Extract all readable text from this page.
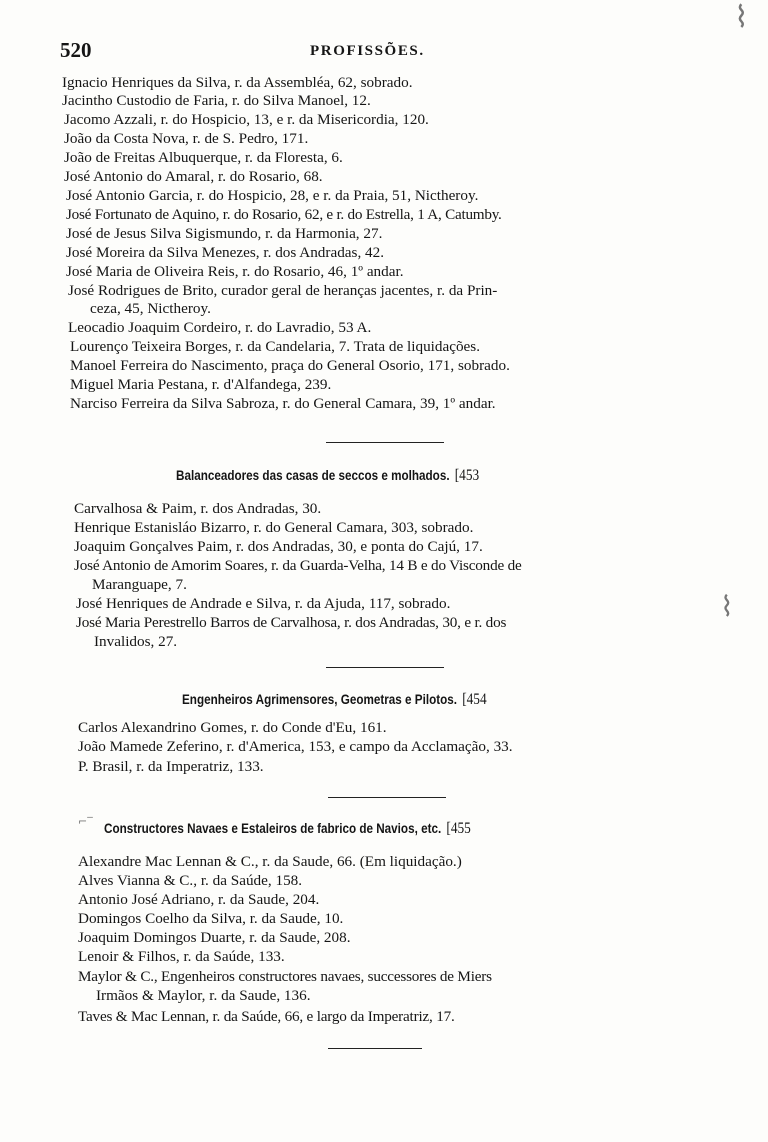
520	PROFISSÕES.
Ignacio Henriques da Silva, r. da Assembléa, 62, sobrado.
Jacintho Custodio de Faria, r. do Silva Manoel, 12.
Jacomo Azzali, r. do Hospicio, 13, e r. da Misericordia, 120.
João da Costa Nova, r. de S. Pedro, 171.
João de Freitas Albuquerque, r. da Floresta, 6.
José Antonio do Amaral, r. do Rosario, 68.
José Antonio Garcia, r. do Hospicio, 28, e r. da Praia, 51, Nictheroy.
José Fortunato de Aquino, r. do Rosario, 62, e r. do Estrella, 1 A, Catumby.
José de Jesus Silva Sigismundo, r. da Harmonia, 27.
José Moreira da Silva Menezes, r. dos Andradas, 42.
José Maria de Oliveira Reis, r. do Rosario, 46, 1º andar.
José Rodrigues de Brito, curador geral de heranças jacentes, r. da Prin-
ceza, 45, Nictheroy.
Leocadio Joaquim Cordeiro, r. do Lavradio, 53 A.
Lourenço Teixeira Borges, r. da Candelaria, 7. Trata de liquidações.
Manoel Ferreira do Nascimento, praça do General Osorio, 171, sobrado.
Miguel Maria Pestana, r. d'Alfandega, 239.
Narciso Ferreira da Silva Sabroza, r. do General Camara, 39, 1º andar.
Balanceadores das casas de seccos e molhados. [453
Carvalhosa & Paim, r. dos Andradas, 30.
Henrique Estanisláo Bizarro, r. do General Camara, 303, sobrado.
Joaquim Gonçalves Paim, r. dos Andradas, 30, e ponta do Cajú, 17.
José Antonio de Amorim Soares, r. da Guarda-Velha, 14 B e do Visconde de
Maranguape, 7.
José Henriques de Andrade e Silva, r. da Ajuda, 117, sobrado.
José Maria Perestrello Barros de Carvalhosa, r. dos Andradas, 30, e r. dos
Invalidos, 27.
Engenheiros Agrimensores, Geometras e Pilotos. [454
Carlos Alexandrino Gomes, r. do Conde d'Eu, 161.
João Mamede Zeferino, r. d'America, 153, e campo da Acclamação, 33.
P. Brasil, r. da Imperatriz, 133.
⌐‾ Constructores Navaes e Estaleiros de fabrico de Navios, etc. [455
Alexandre Mac Lennan & C., r. da Saude, 66. (Em liquidação.)
Alves Vianna & C., r. da Saúde, 158.
Antonio José Adriano, r. da Saude, 204.
Domingos Coelho da Silva, r. da Saude, 10.
Joaquim Domingos Duarte, r. da Saude, 208.
Lenoir & Filhos, r. da Saúde, 133.
Maylor & C., Engenheiros constructores navaes, successores de Miers
Irmãos & Maylor, r. da Saude, 136.
Taves & Mac Lennan, r. da Saúde, 66, e largo da Imperatriz, 17.
⌇
⌇
